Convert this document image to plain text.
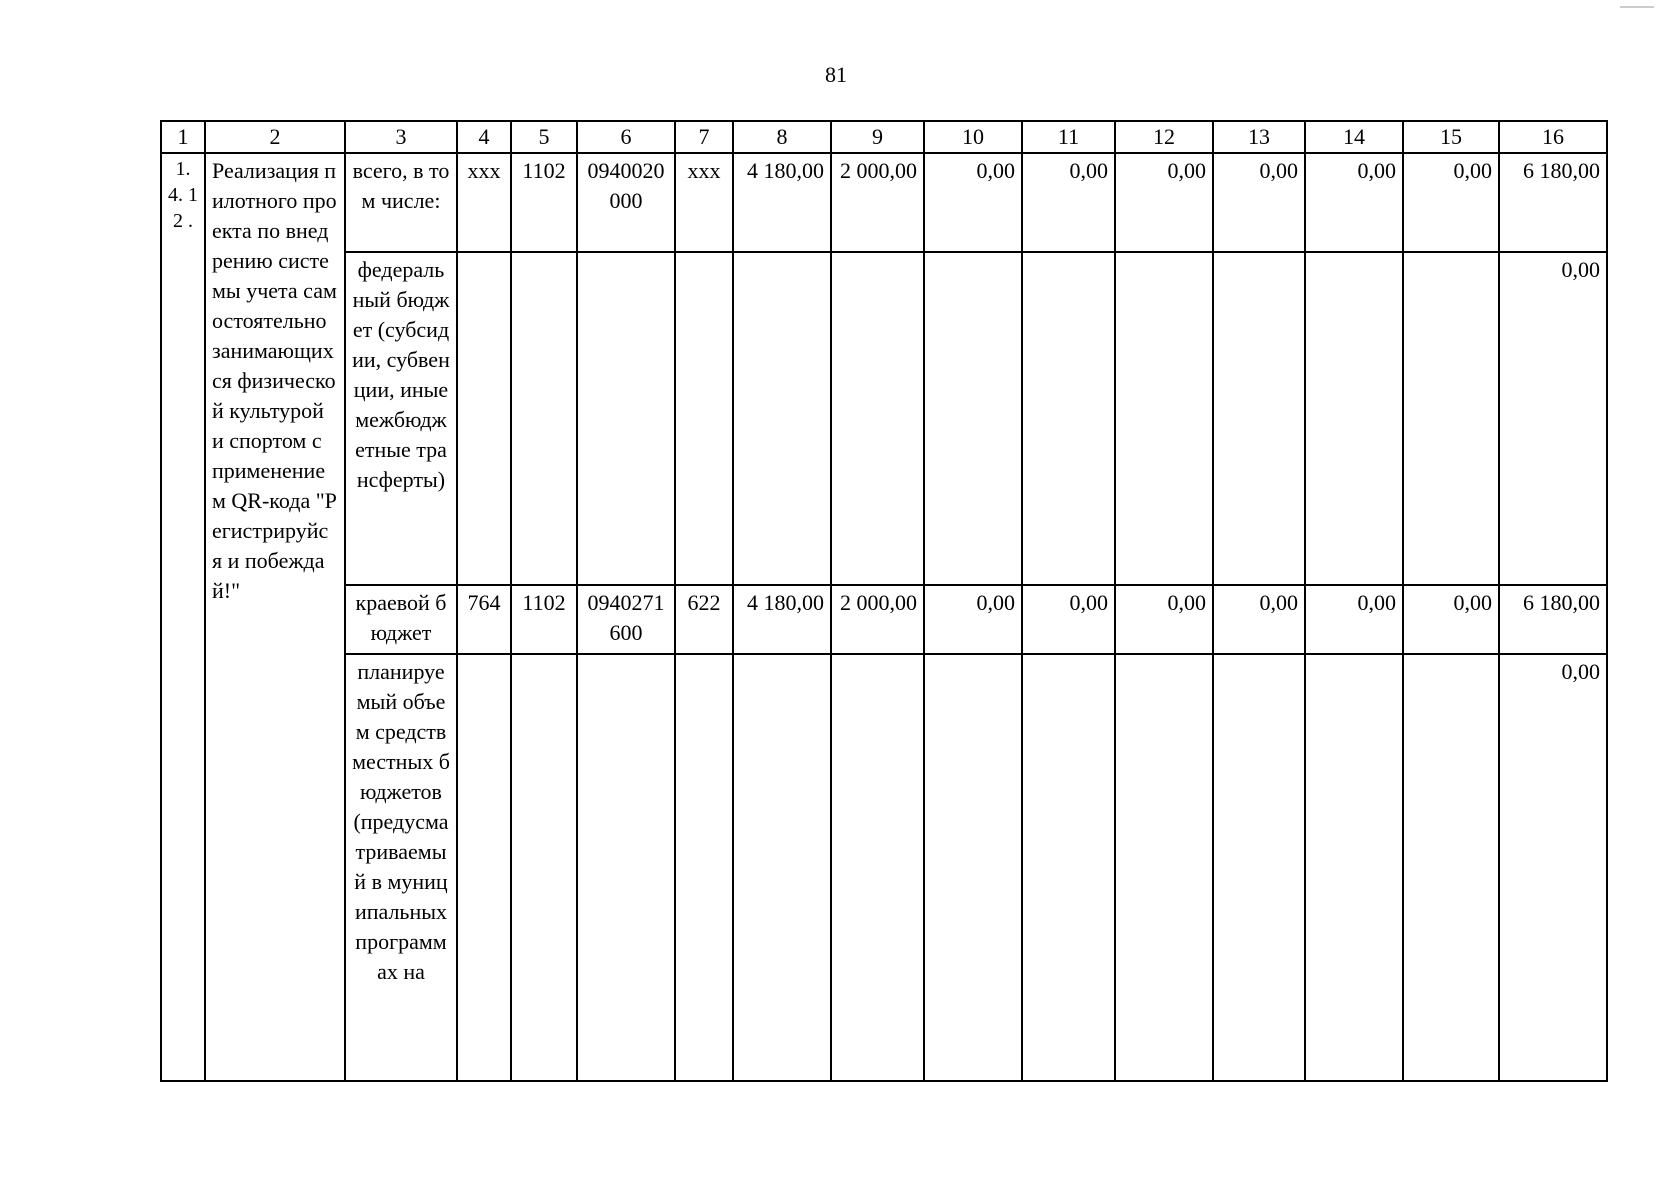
81
1	2	3	4	5	6	7	8	9	10	11	12	13	14	15	16
1. 4. 12 .	Реализация пилотного проекта по внедрению системы учета самостоятельно занимающихся физической культурой и спортом с применением QR-кода "Регистрируйся и побеждай!"	всего, в том числе:	xxx	1102	0940020000	xxx	4 180,00	2 000,00	0,00	0,00	0,00	0,00	0,00	0,00	6 180,00
		федеральный бюджет (субсидии, субвенции, иные межбюджетные трансферты)													0,00
		краевой бюджет	764	1102	0940271600	622	4 180,00	2 000,00	0,00	0,00	0,00	0,00	0,00	0,00	6 180,00
		планируемый объем средств местных бюджетов (предусматриваемый в муниципальных программах на													0,00
